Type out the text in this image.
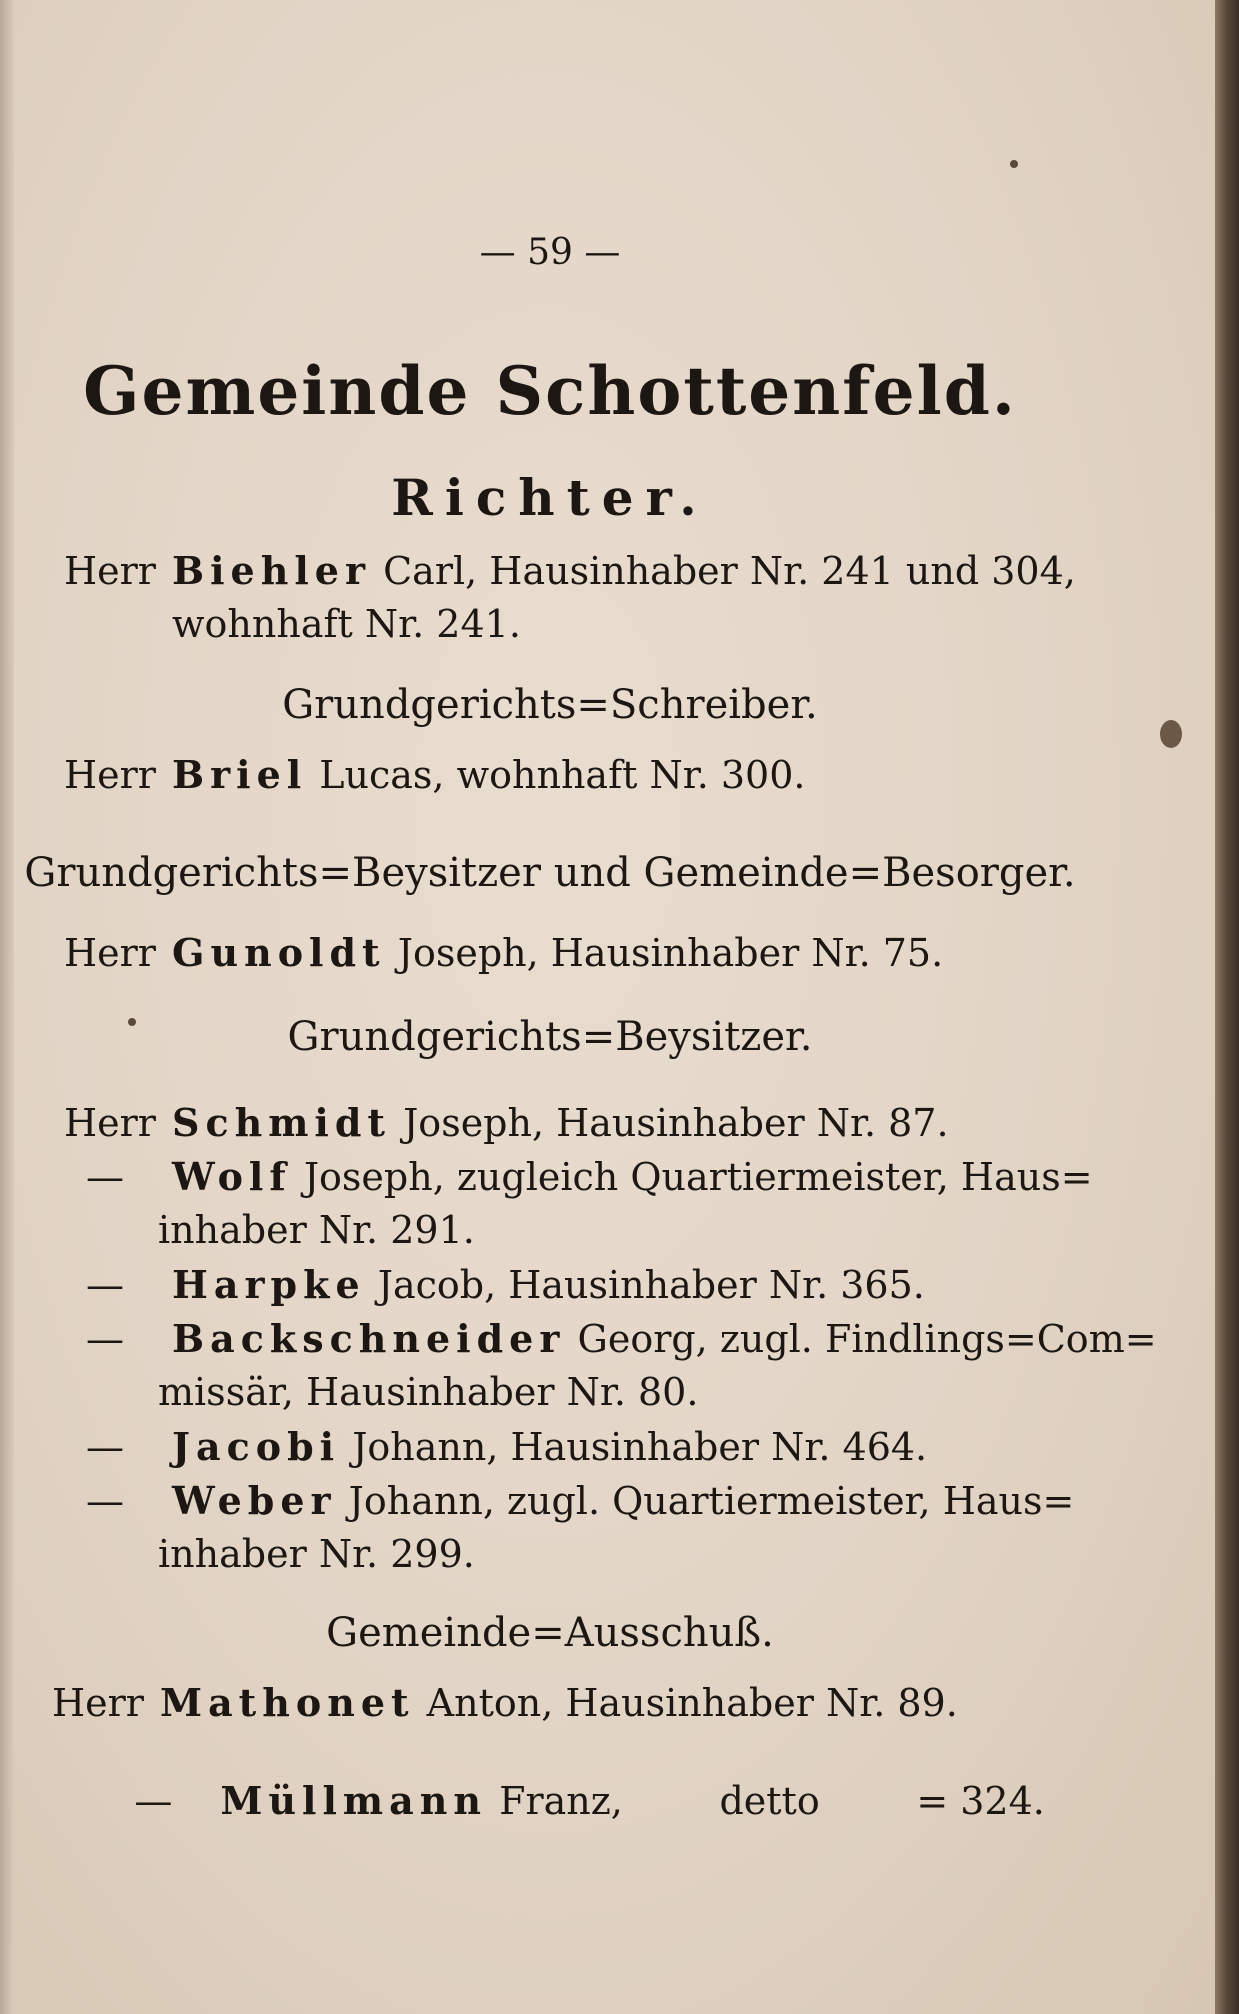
— 59 —
Gemeinde Schottenfeld.
Richter.
Herr Biehler Carl, Hausinhaber Nr. 241 und 304,
wohnhaft Nr. 241.
Grundgerichts=Schreiber.
Herr Briel Lucas, wohnhaft Nr. 300.
Grundgerichts=Beysitzer und Gemeinde=Besorger.
Herr Gunoldt Joseph, Hausinhaber Nr. 75.
Grundgerichts=Beysitzer.
Herr Schmidt Joseph, Hausinhaber Nr. 87.
— Wolf Joseph, zugleich Quartiermeister, Haus=
inhaber Nr. 291.
— Harpke Jacob, Hausinhaber Nr. 365.
— Backschneider Georg, zugl. Findlings=Com=
missär, Hausinhaber Nr. 80.
— Jacobi Johann, Hausinhaber Nr. 464.
— Weber Johann, zugl. Quartiermeister, Haus=
inhaber Nr. 299.
Gemeinde=Ausschuß.
Herr Mathonet Anton, Hausinhaber Nr. 89.

— Müllmann Franz,        detto        = 324.
